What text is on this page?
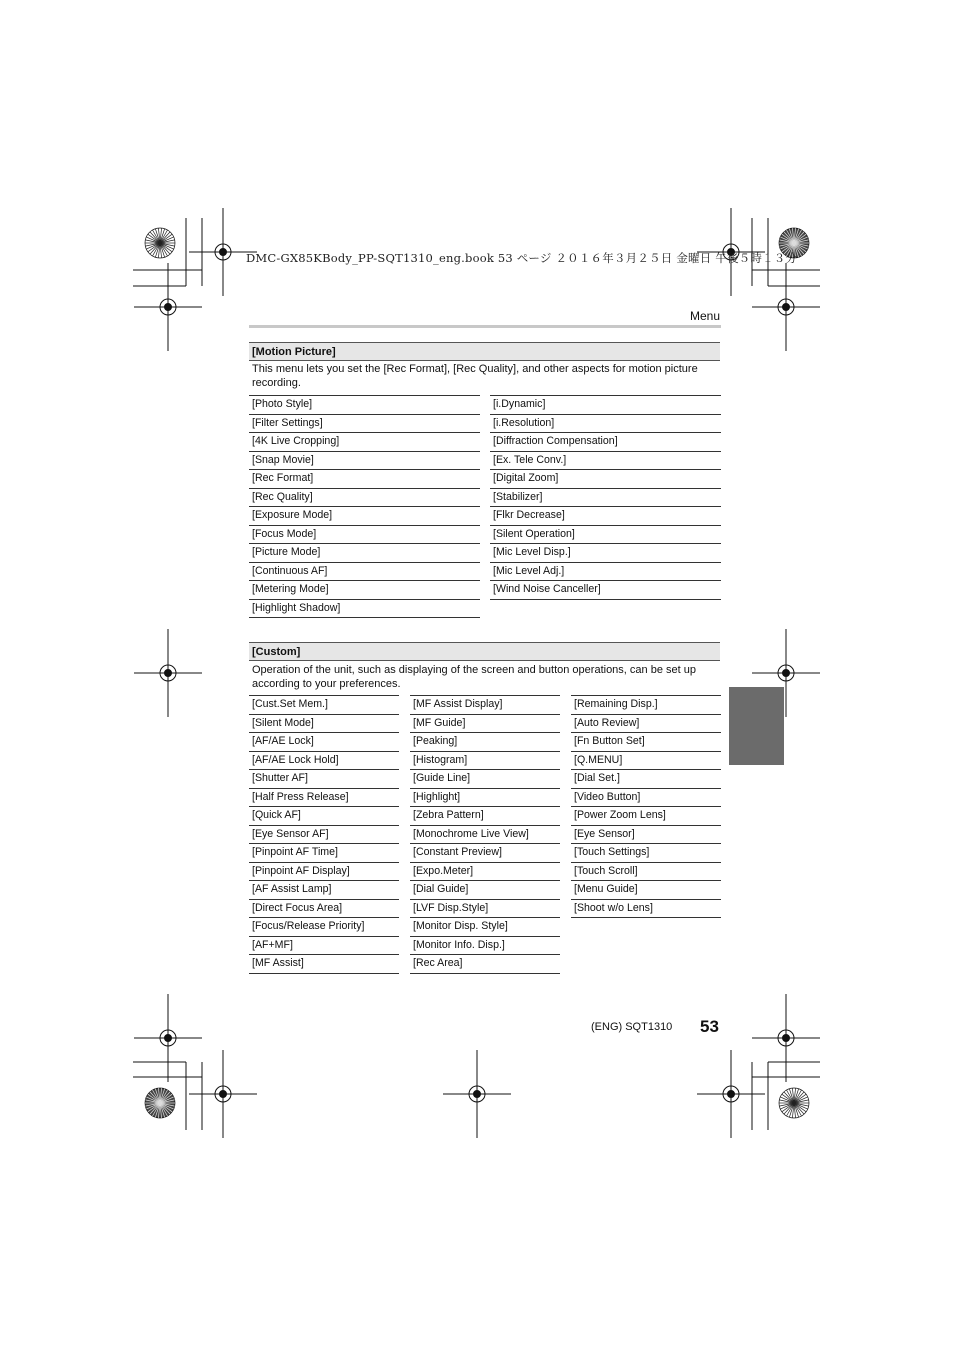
DMC-GX85KBody_PP-SQT1310_eng.book 53 ページ ２０１６年３月２５日 金曜日 午後５時１３分
Menu
[Motion Picture]
This menu lets you set the [Rec Format], [Rec Quality], and other aspects for motion picture recording.
[Photo Style]
[Filter Settings]
[4K Live Cropping]
[Snap Movie]
[Rec Format]
[Rec Quality]
[Exposure Mode]
[Focus Mode]
[Picture Mode]
[Continuous AF]
[Metering Mode]
[Highlight Shadow]
[i.Dynamic]
[i.Resolution]
[Diffraction Compensation]
[Ex. Tele Conv.]
[Digital Zoom]
[Stabilizer]
[Flkr Decrease]
[Silent Operation]
[Mic Level Disp.]
[Mic Level Adj.]
[Wind Noise Canceller]
[Custom]
Operation of the unit, such as displaying of the screen and button operations, can be set up according to your preferences.
[Cust.Set Mem.]
[Silent Mode]
[AF/AE Lock]
[AF/AE Lock Hold]
[Shutter AF]
[Half Press Release]
[Quick AF]
[Eye Sensor AF]
[Pinpoint AF Time]
[Pinpoint AF Display]
[AF Assist Lamp]
[Direct Focus Area]
[Focus/Release Priority]
[AF+MF]
[MF Assist]
[MF Assist Display]
[MF Guide]
[Peaking]
[Histogram]
[Guide Line]
[Highlight]
[Zebra Pattern]
[Monochrome Live View]
[Constant Preview]
[Expo.Meter]
[Dial Guide]
[LVF Disp.Style]
[Monitor Disp. Style]
[Monitor Info. Disp.]
[Rec Area]
[Remaining Disp.]
[Auto Review]
[Fn Button Set]
[Q.MENU]
[Dial Set.]
[Video Button]
[Power Zoom Lens]
[Eye Sensor]
[Touch Settings]
[Touch Scroll]
[Menu Guide]
[Shoot w/o Lens]
(ENG) SQT1310 53
